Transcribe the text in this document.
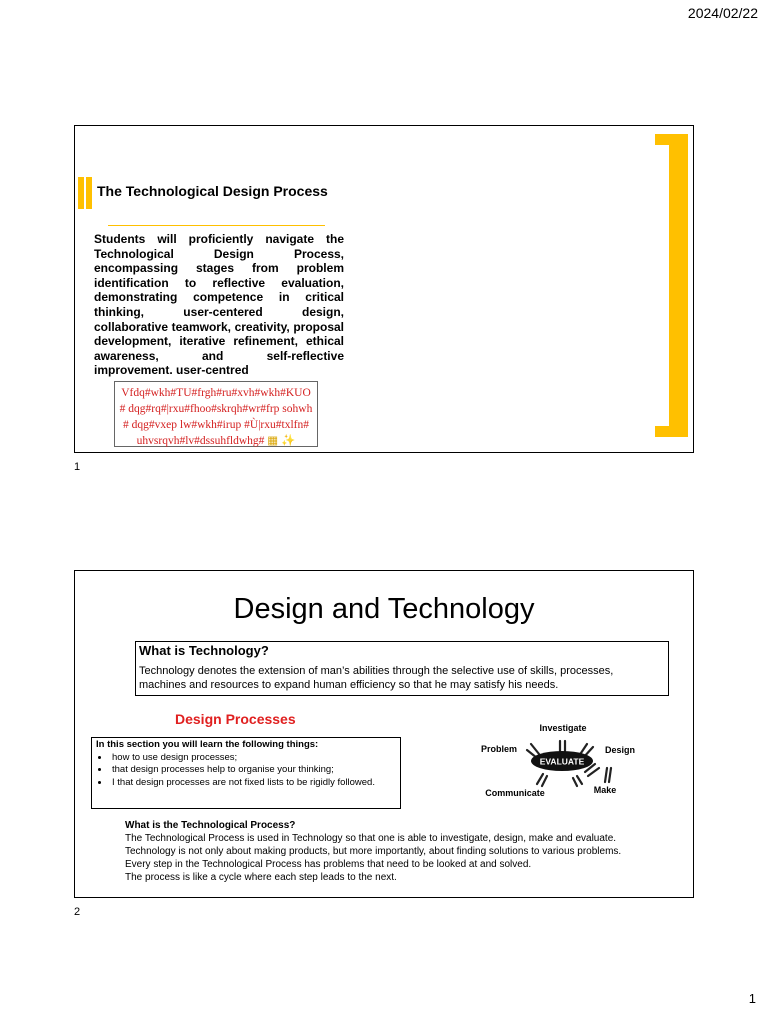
2024/02/22
The Technological Design Process
Students will proficiently navigate the Technological Design Process, encompassing stages from problem identification to reflective evaluation, demonstrating competence in critical thinking, user-centered design, collaborative teamwork, creativity, proposal development, iterative refinement, ethical awareness, and self-reflective improvement. user-centred
Vfdq#wkh#TU#frgh#ru#xvh#wkh#KUO# dqg#rq#|rxu#fhoo#skrqh#wr#frp sohwh# dqg#vxep lw#wkh#irup #Ù|rxu#txlfn# uhvsrqvh#lv#dssuhfldwhg# ▦ ✨
1
Design and Technology
What is Technology?
Technology denotes the extension of man’s abilities through the selective use of skills, processes, machines and resources to expand human efficiency so that he may satisfy his needs.
Design Processes
In this section you will learn the following things:
• how to use design processes;
• that design processes help to organise your thinking;
• I that design processes are not fixed lists to be rigidly followed.
EVALUATE
Investigate
Problem	Design
Communicate	Make
What is the Technological Process?
The Technological Process is used in Technology so that one is able to investigate, design, make and evaluate.
Technology is not only about making products, but more importantly, about finding solutions to various problems.
Every step in the Technological Process has problems that need to be looked at and solved.
The process is like a cycle where each step leads to the next.
2
1
